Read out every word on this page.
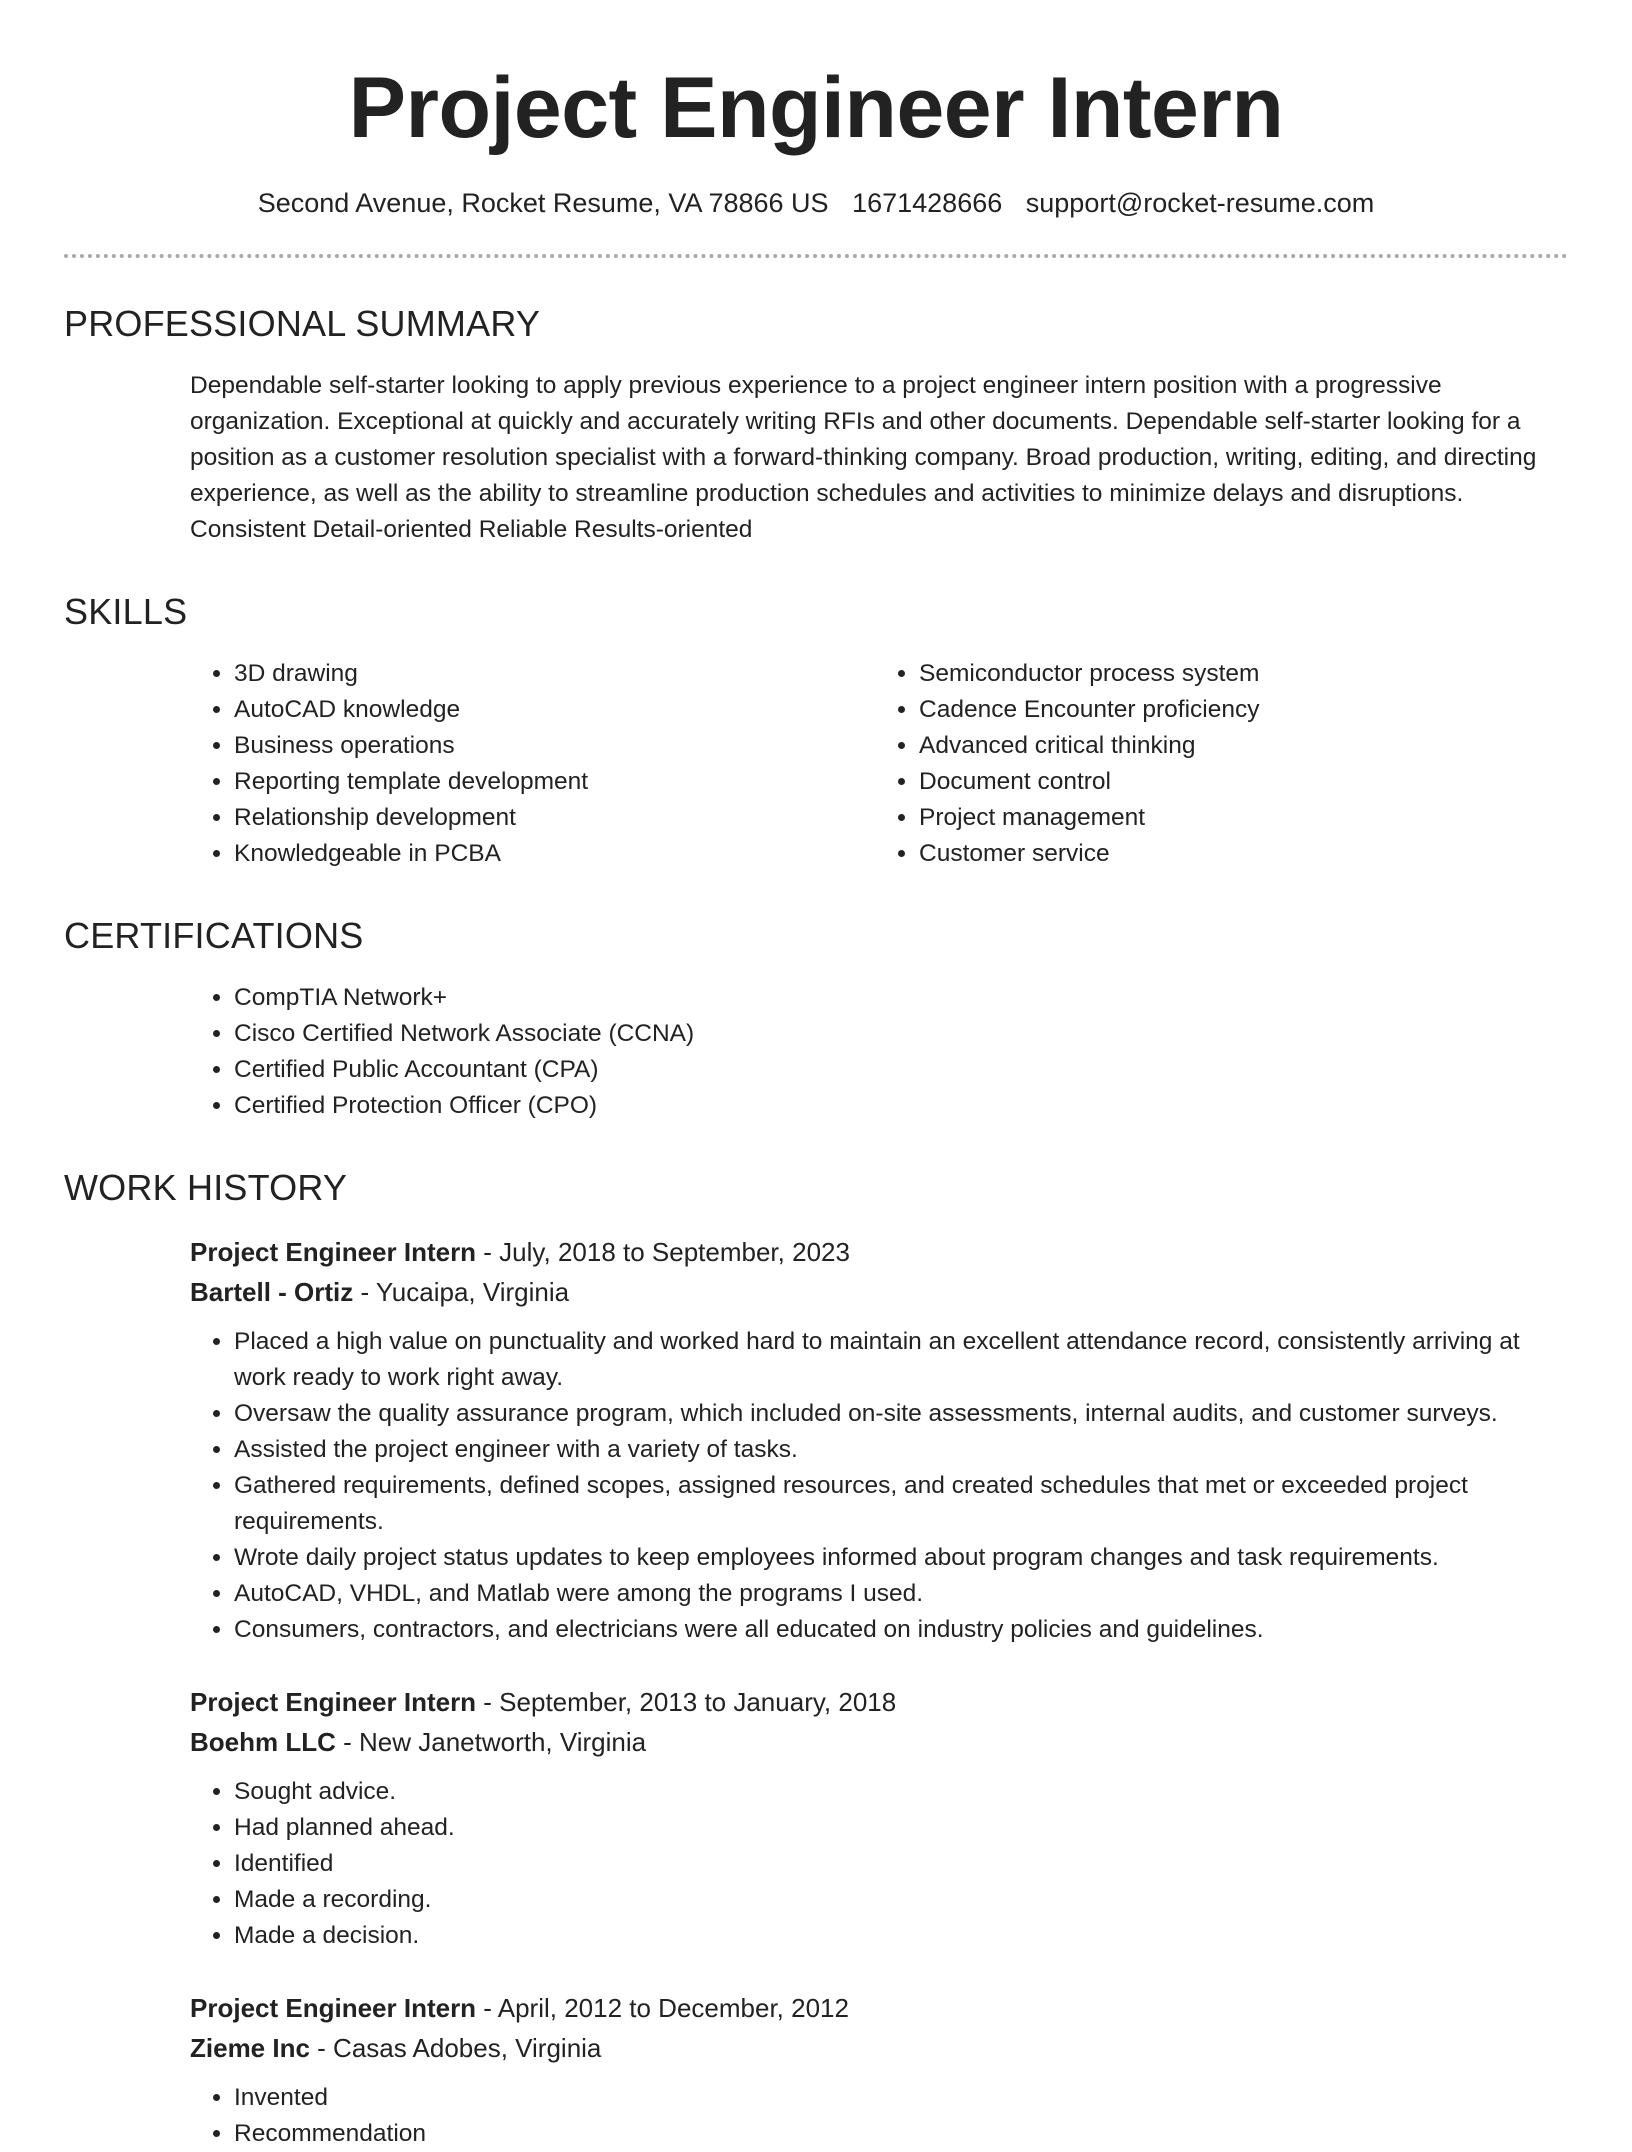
Project Engineer Intern
Second Avenue, Rocket Resume, VA 78866 US 1671428666 support@rocket-resume.com
PROFESSIONAL SUMMARY
Dependable self-starter looking to apply previous experience to a project engineer intern position with a progressive organization. Exceptional at quickly and accurately writing RFIs and other documents. Dependable self-starter looking for a position as a customer resolution specialist with a forward-thinking company. Broad production, writing, editing, and directing experience, as well as the ability to streamline production schedules and activities to minimize delays and disruptions. Consistent Detail-oriented Reliable Results-oriented
SKILLS
• 3D drawing
• AutoCAD knowledge
• Business operations
• Reporting template development
• Relationship development
• Knowledgeable in PCBA
• Semiconductor process system
• Cadence Encounter proficiency
• Advanced critical thinking
• Document control
• Project management
• Customer service
CERTIFICATIONS
• CompTIA Network+
• Cisco Certified Network Associate (CCNA)
• Certified Public Accountant (CPA)
• Certified Protection Officer (CPO)
WORK HISTORY
Project Engineer Intern - July, 2018 to September, 2023
Bartell - Ortiz - Yucaipa, Virginia
• Placed a high value on punctuality and worked hard to maintain an excellent attendance record, consistently arriving at work ready to work right away.
• Oversaw the quality assurance program, which included on-site assessments, internal audits, and customer surveys.
• Assisted the project engineer with a variety of tasks.
• Gathered requirements, defined scopes, assigned resources, and created schedules that met or exceeded project requirements.
• Wrote daily project status updates to keep employees informed about program changes and task requirements.
• AutoCAD, VHDL, and Matlab were among the programs I used.
• Consumers, contractors, and electricians were all educated on industry policies and guidelines.
Project Engineer Intern - September, 2013 to January, 2018
Boehm LLC - New Janetworth, Virginia
• Sought advice.
• Had planned ahead.
• Identified
• Made a recording.
• Made a decision.
Project Engineer Intern - April, 2012 to December, 2012
Zieme Inc - Casas Adobes, Virginia
• Invented
• Recommendation
